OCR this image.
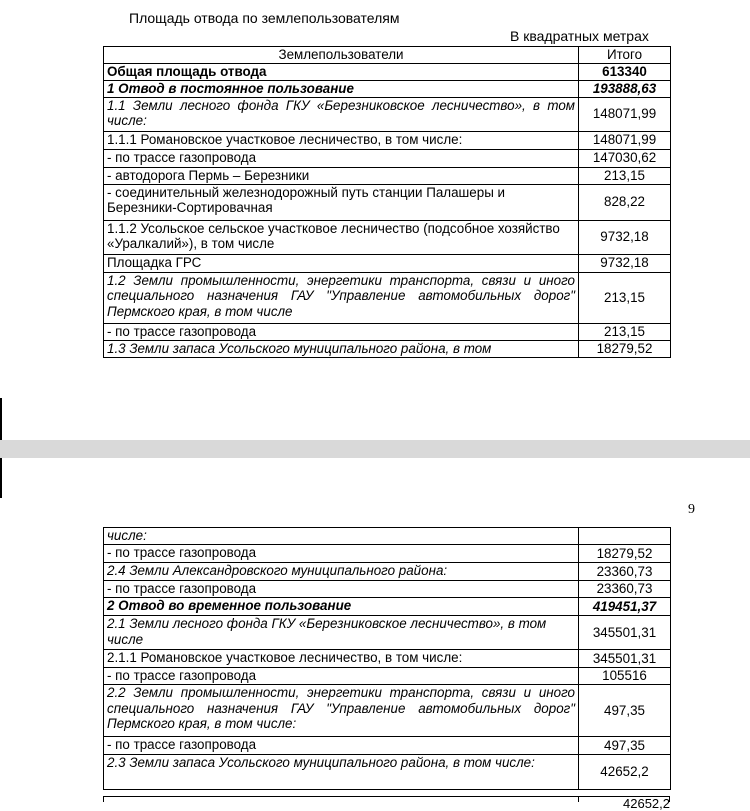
Площадь отвода по землепользователям
В квадратных метрах
Землепользователи	Итого
Общая площадь отвода	613340
1 Отвод в постоянное пользование	193888,63
1.1 Земли лесного фонда ГКУ «Березниковское лесничество», в том числе:	148071,99
1.1.1 Романовское участковое лесничество, в том числе:	148071,99
- по трассе газопровода	147030,62
- автодорога Пермь – Березники	213,15
- соединительный железнодорожный путь станции Палашеры и Березники-Сортировачная	828,22
1.1.2 Усольское сельское участковое лесничество (подсобное хозяйство «Уралкалий»), в том числе	9732,18
Площадка ГРС	9732,18
1.2 Земли промышленности, энергетики транспорта, связи и иного специального назначения ГАУ "Управление автомобильных дорог" Пермского края, в том числе	213,15
- по трассе газопровода	213,15
1.3 Земли запаса Усольского муниципального района, в том	18279,52
9
числе:	
- по трассе газопровода	18279,52
2.4 Земли Александровского муниципального района:	23360,73
- по трассе газопровода	23360,73
2 Отвод во временное пользование	419451,37
2.1 Земли лесного фонда ГКУ «Березниковское лесничество», в том числе	345501,31
2.1.1 Романовское участковое лесничество, в том числе:	345501,31
- по трассе газопровода	105516
2.2 Земли промышленности, энергетики транспорта, связи и иного специального назначения ГАУ "Управление автомобильных дорог" Пермского края, в том числе:	497,35
- по трассе газопровода	497,35
2.3 Земли запаса Усольского муниципального района, в том числе:	42652,2
42652,2
